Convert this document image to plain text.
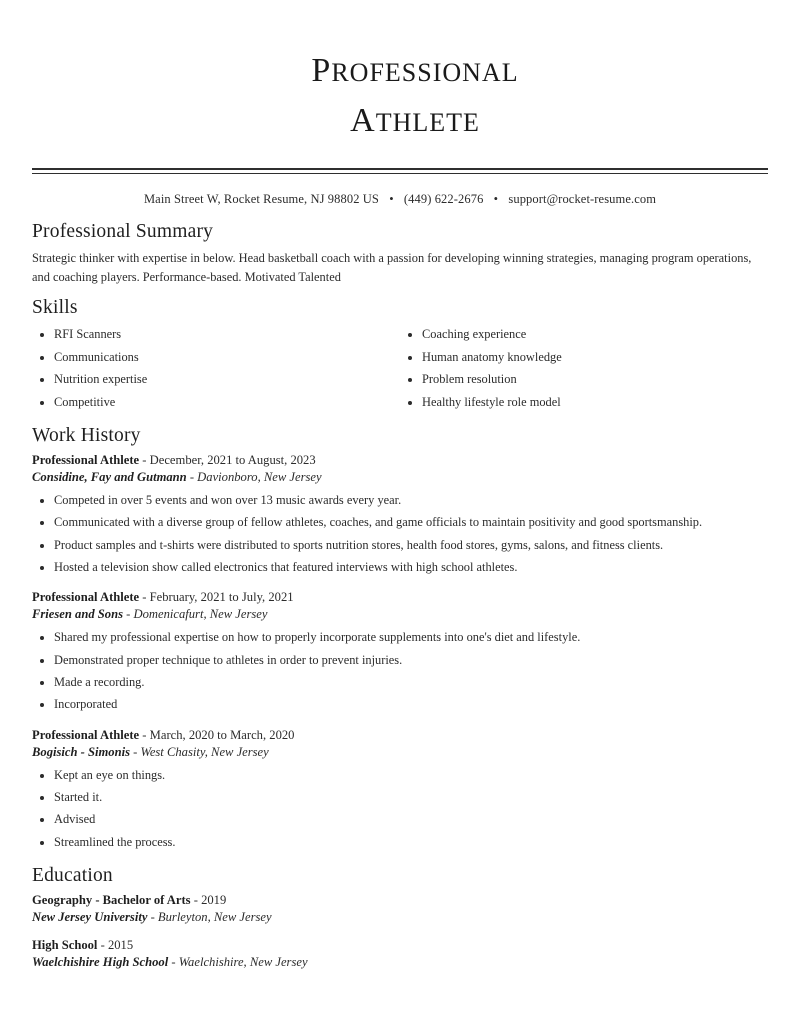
PROFESSIONAL

ATHLETE

Main Street W, Rocket Resume, NJ 98802 US • (449) 622-2676 • support@rocket-resume.com
Professional Summary

Strategic thinker with expertise in below. Head basketball coach with a passion for developing winning strategies, managing program operations, and coaching players. Performance-based. Motivated Talented

Skills
• RFI Scanners
• Communications
• Nutrition expertise
• Competitive
• Coaching experience
• Human anatomy knowledge
• Problem resolution
• Healthy lifestyle role model
Work History
Professional Athlete - December, 2021 to August, 2023
Considine, Fay and Gutmann - Davionboro, New Jersey
• Competed in over 5 events and won over 13 music awards every year.
• Communicated with a diverse group of fellow athletes, coaches, and game officials to maintain positivity and good sportsmanship.
• Product samples and t-shirts were distributed to sports nutrition stores, health food stores, gyms, salons, and fitness clients.
• Hosted a television show called electronics that featured interviews with high school athletes.
Professional Athlete - February, 2021 to July, 2021
Friesen and Sons - Domenicafurt, New Jersey
• Shared my professional expertise on how to properly incorporate supplements into one's diet and lifestyle.
• Demonstrated proper technique to athletes in order to prevent injuries.
• Made a recording.
• Incorporated
Professional Athlete - March, 2020 to March, 2020
Bogisich - Simonis - West Chasity, New Jersey
• Kept an eye on things.
• Started it.
• Advised
• Streamlined the process.
Education
Geography - Bachelor of Arts - 2019
New Jersey University - Burleyton, New Jersey
High School - 2015
Waelchishire High School - Waelchishire, New Jersey
